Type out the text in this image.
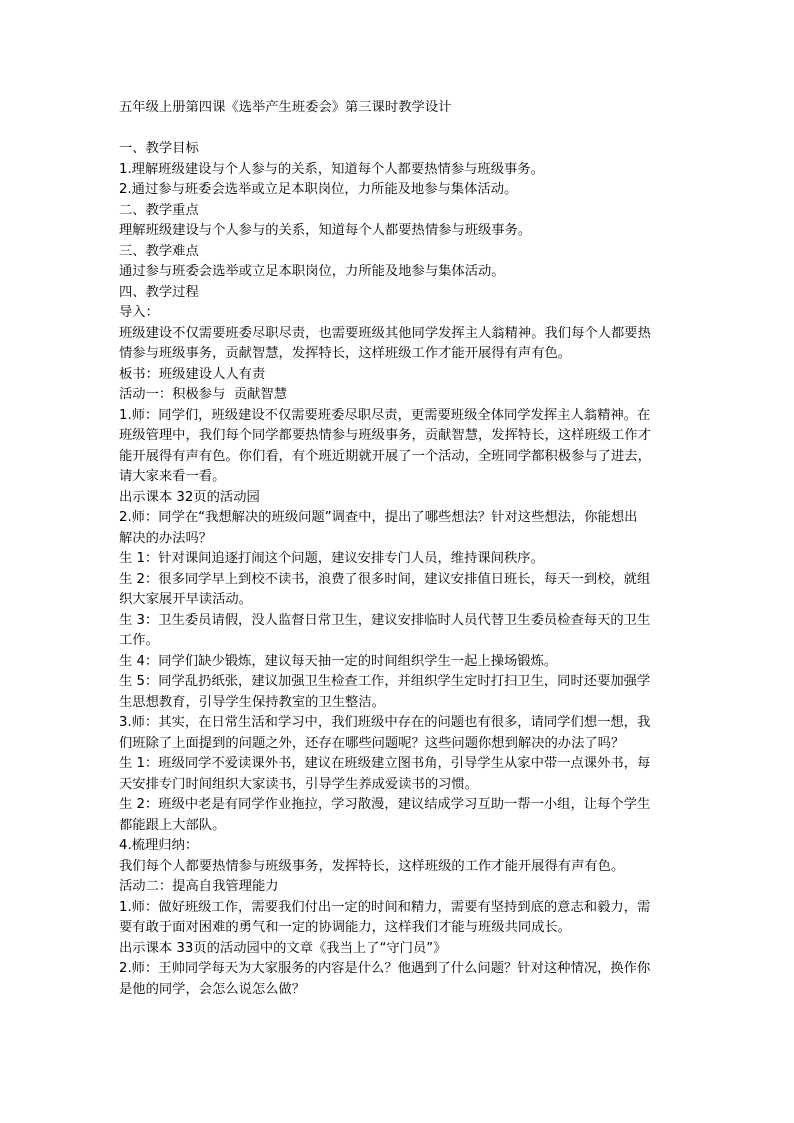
五年级上册第四课《选举产生班委会》第三课时教学设计
一、教学目标
1.理解班级建设与个人参与的关系，知道每个人都要热情参与班级事务。
2.通过参与班委会选举或立足本职岗位，力所能及地参与集体活动。
二、教学重点
理解班级建设与个人参与的关系，知道每个人都要热情参与班级事务。
三、教学难点
通过参与班委会选举或立足本职岗位，力所能及地参与集体活动。
四、教学过程
导入：
班级建设不仅需要班委尽职尽责，也需要班级其他同学发挥主人翁精神。我们每个人都要热
情参与班级事务，贡献智慧，发挥特长，这样班级工作才能开展得有声有色。
板书：班级建设人人有责
活动一：积极参与  贡献智慧
1.师：同学们，班级建设不仅需要班委尽职尽责，更需要班级全体同学发挥主人翁精神。在
班级管理中，我们每个同学都要热情参与班级事务，贡献智慧，发挥特长，这样班级工作才
能开展得有声有色。你们看，有个班近期就开展了一个活动，全班同学都积极参与了进去，
请大家来看一看。
出示课本 32页的活动园
2.师：同学在“我想解决的班级问题”调查中，提出了哪些想法？针对这些想法，你能想出
解决的办法吗？
生 1：针对课间追逐打闹这个问题，建议安排专门人员，维持课间秩序。
生 2：很多同学早上到校不读书，浪费了很多时间，建议安排值日班长，每天一到校，就组
织大家展开早读活动。
生 3：卫生委员请假，没人监督日常卫生，建议安排临时人员代替卫生委员检查每天的卫生
工作。
生 4：同学们缺少锻炼，建议每天抽一定的时间组织学生一起上操场锻炼。
生 5：同学乱扔纸张，建议加强卫生检查工作，并组织学生定时打扫卫生，同时还要加强学
生思想教育，引导学生保持教室的卫生整洁。
3.师：其实，在日常生活和学习中，我们班级中存在的问题也有很多，请同学们想一想，我
们班除了上面提到的问题之外，还存在哪些问题呢？这些问题你想到解决的办法了吗？
生 1：班级同学不爱读课外书，建议在班级建立图书角，引导学生从家中带一点课外书，每
天安排专门时间组织大家读书，引导学生养成爱读书的习惯。
生 2：班级中老是有同学作业拖拉，学习散漫，建议结成学习互助一帮一小组，让每个学生
都能跟上大部队。
4.梳理归纳：
我们每个人都要热情参与班级事务，发挥特长，这样班级的工作才能开展得有声有色。
活动二：提高自我管理能力
1.师：做好班级工作，需要我们付出一定的时间和精力，需要有坚持到底的意志和毅力，需
要有敢于面对困难的勇气和一定的协调能力，这样我们才能与班级共同成长。
出示课本 33页的活动园中的文章《我当上了“守门员”》
2.师：王帅同学每天为大家服务的内容是什么？他遇到了什么问题？针对这种情况，换作你
是他的同学，会怎么说怎么做？
